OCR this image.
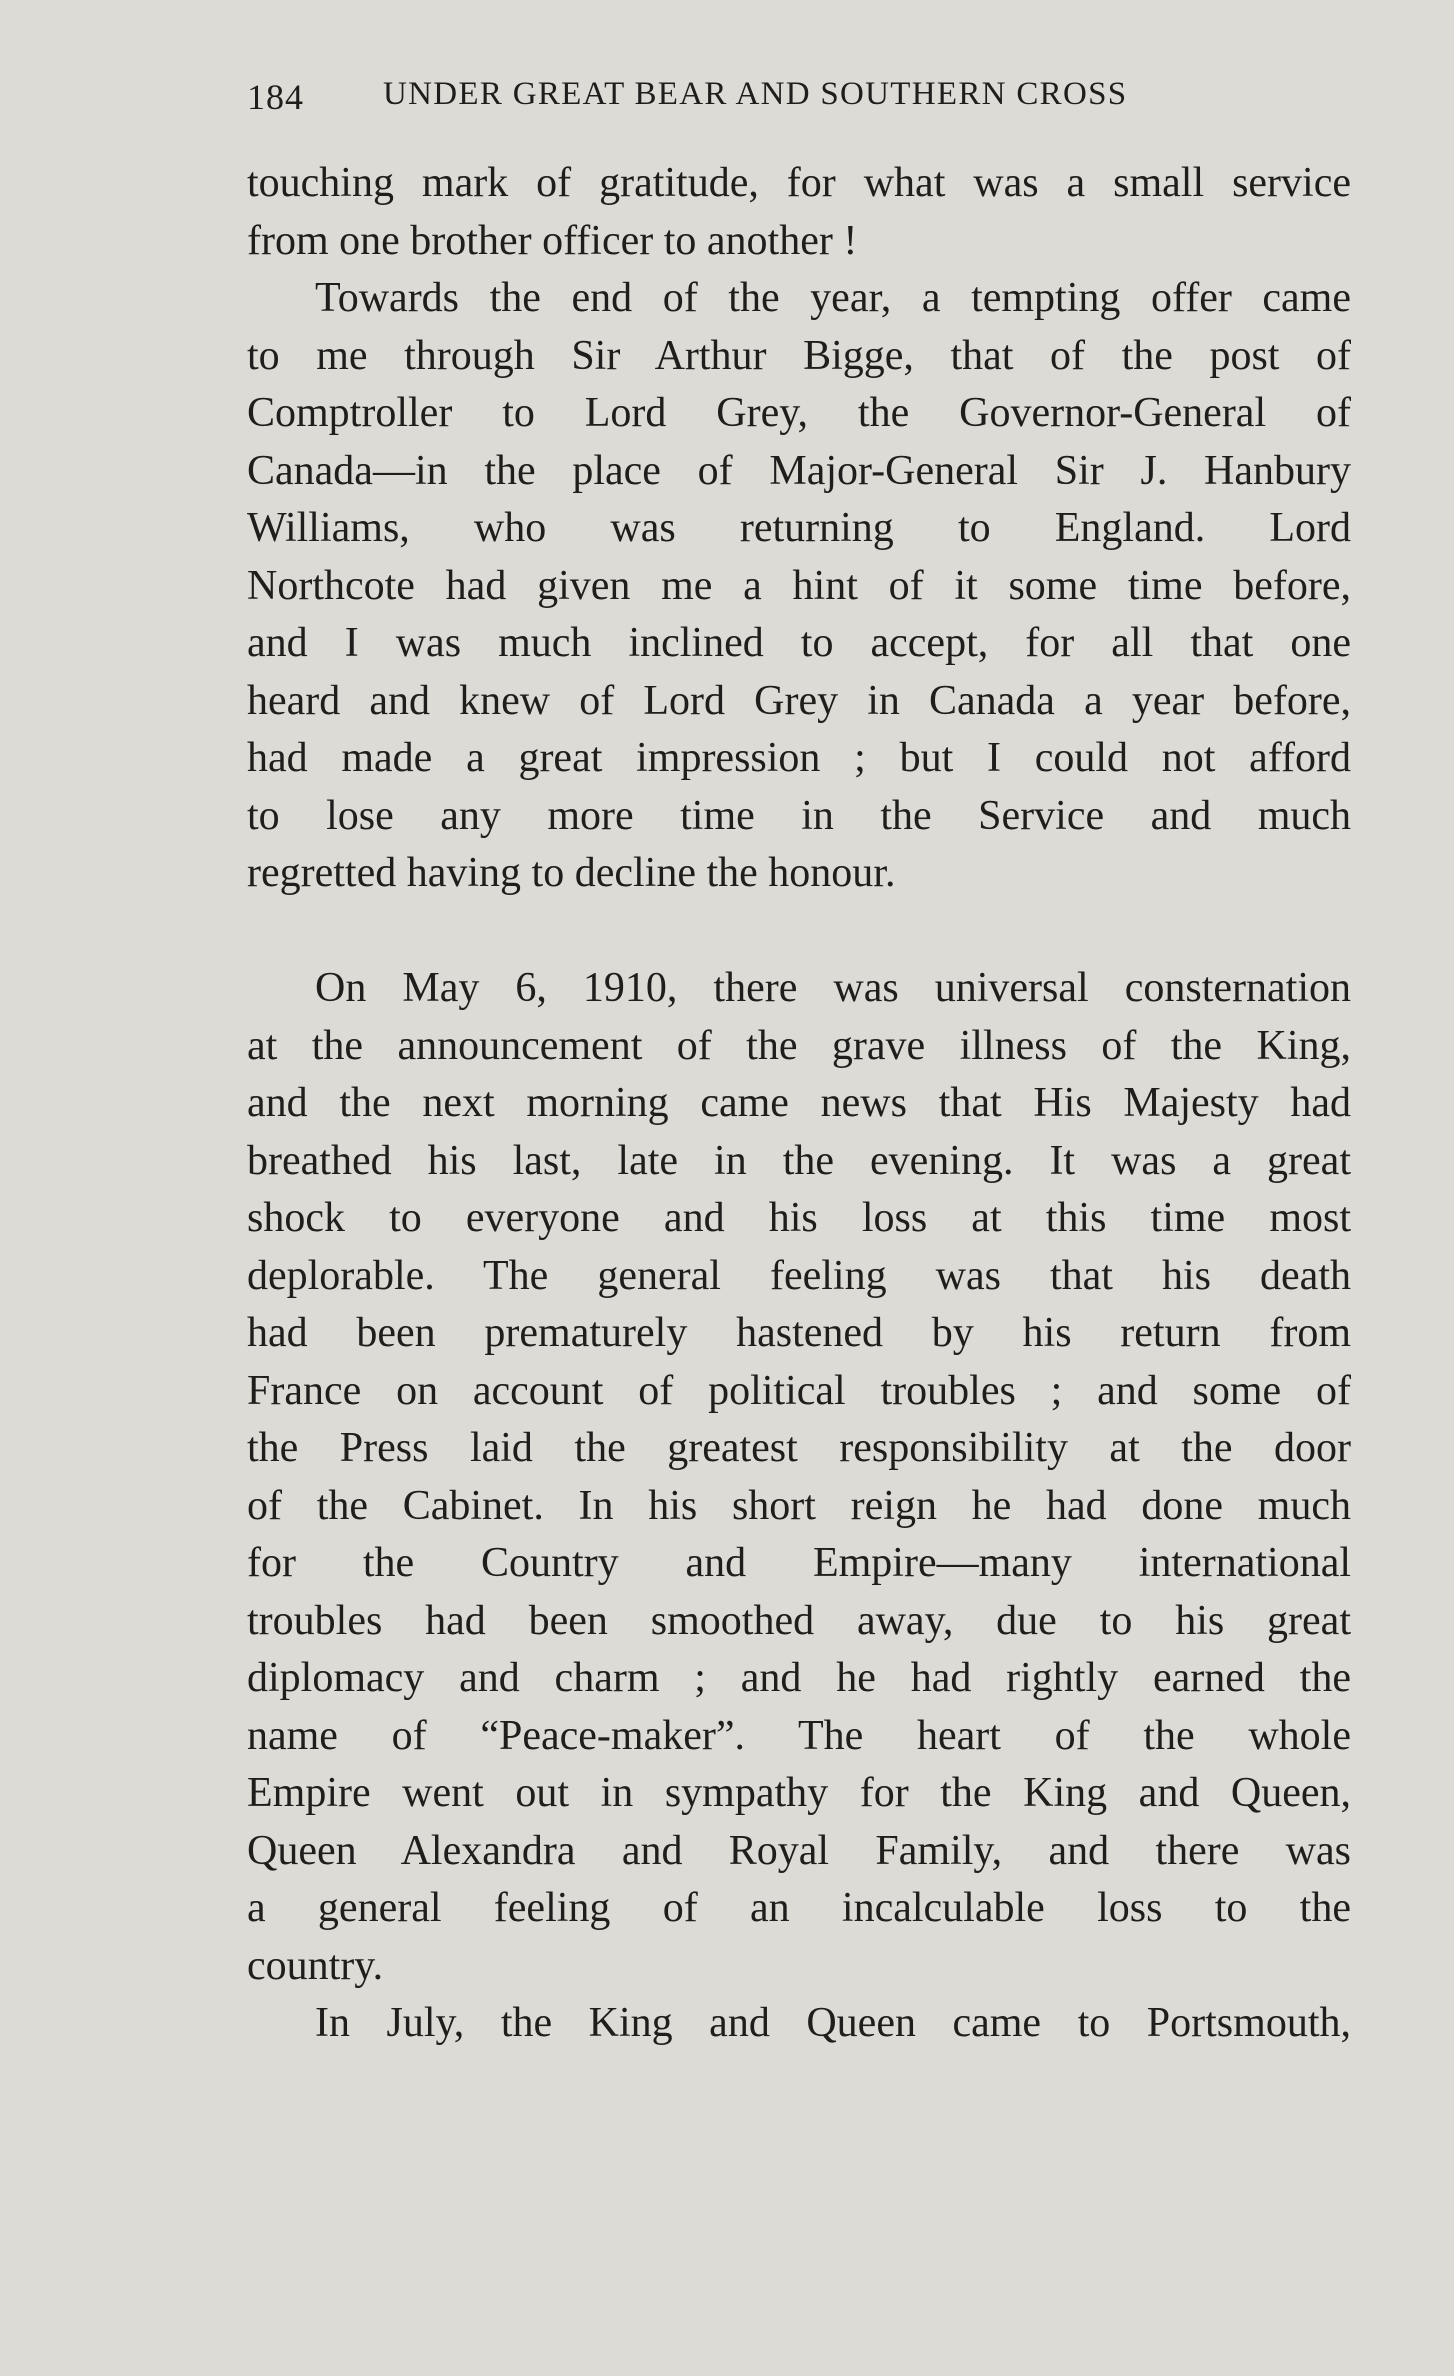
184 UNDER GREAT BEAR AND SOUTHERN CROSS

touching mark of gratitude, for what was a small service
from one brother officer to another !

Towards the end of the year, a tempting offer came
to me through Sir Arthur Bigge, that of the post of
Comptroller to Lord Grey, the Governor-General of
Canada—in the place of Major-General Sir J. Hanbury
Williams, who was returning to England. Lord
Northcote had given me a hint of it some time before,
and I was much inclined to accept, for all that one
heard and knew of Lord Grey in Canada a year before,
had made a great impression ; but I could not afford
to lose any more time in the Service and much
regretted having to decline the honour.

On May 6, 1910, there was universal consternation
at the announcement of the grave illness of the King,
and the next morning came news that His Majesty had
breathed his last, late in the evening. It was a great
shock to everyone and his loss at this time most
deplorable. The general feeling was that his death
had been prematurely hastened by his return from
France on account of political troubles ; and some of
the Press laid the greatest responsibility at the door
of the Cabinet. In his short reign he had done much
for the Country and Empire—many international
troubles had been smoothed away, due to his great
diplomacy and charm ; and he had rightly earned the
name of “Peace-maker”. The heart of the whole
Empire went out in sympathy for the King and Queen,
Queen Alexandra and Royal Family, and there was
a general feeling of an incalculable loss to the
country.

In July, the King and Queen came to Portsmouth,
